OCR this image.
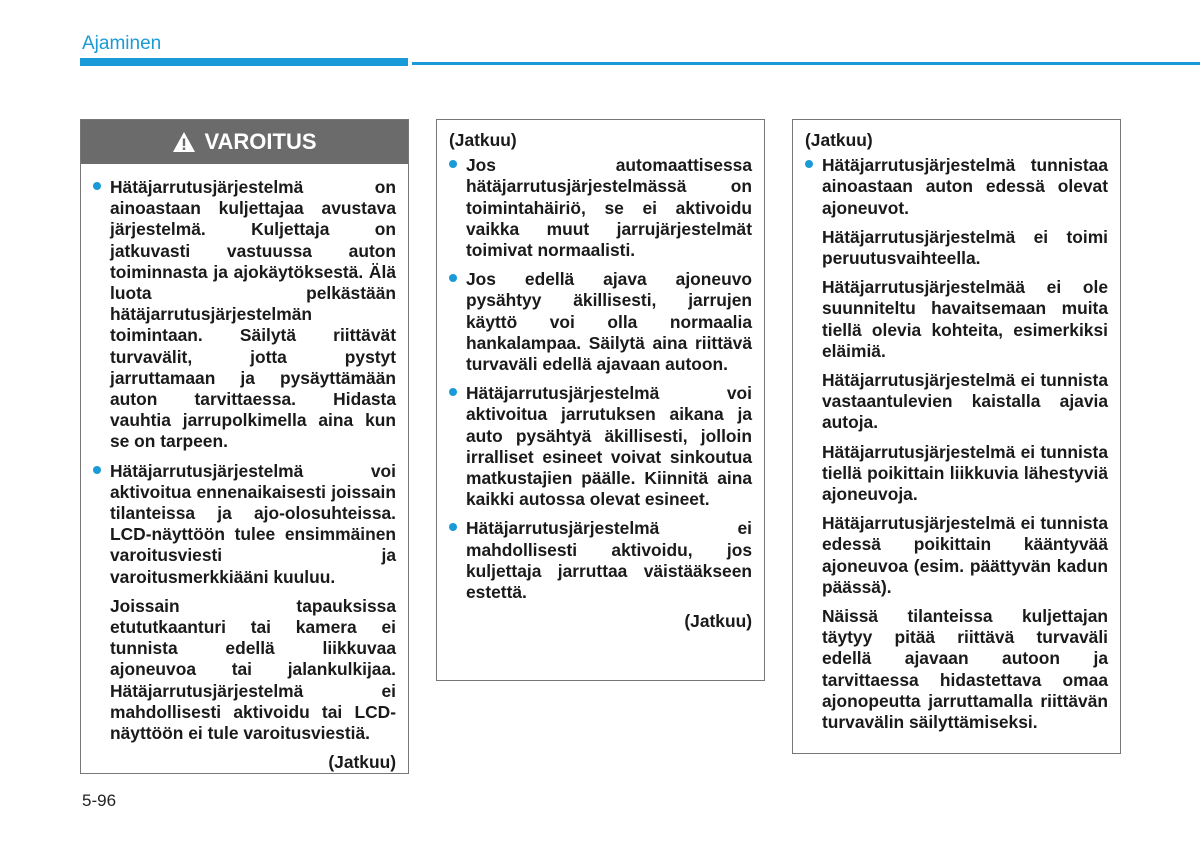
Ajaminen
VAROITUS
Hätäjarrutusjärjestelmä on ainoastaan kuljettajaa avustava järjestelmä. Kuljettaja on jatkuvasti vastuussa auton toiminnasta ja ajokäytöksestä. Älä luota pelkästään hätäjarrutusjärjestelmän toimintaan. Säilytä riittävät turvavälit, jotta pystyt jarruttamaan ja pysäyttämään auton tarvittaessa. Hidasta vauhtia jarrupolkimella aina kun se on tarpeen.
Hätäjarrutusjärjestelmä voi aktivoitua ennenaikaisesti joissain tilanteissa ja ajo-olosuhteissa. LCD-näyttöön tulee ensimmäinen varoitusviesti ja varoitusmerkkiääni kuuluu.
Joissain tapauksissa etututkaanturi tai kamera ei tunnista edellä liikkuvaa ajoneuvoa tai jalankulkijaa. Hätäjarrutusjärjestelmä ei mahdollisesti aktivoidu tai LCD-näyttöön ei tule varoitusviestiä.
(Jatkuu)
(Jatkuu)
Jos automaattisessa hätäjarrutusjärjestelmässä on toimintahäiriö, se ei aktivoidu vaikka muut jarrujärjestelmät toimivat normaalisti.
Jos edellä ajava ajoneuvo pysähtyy äkillisesti, jarrujen käyttö voi olla normaalia hankalampaa. Säilytä aina riittävä turvaväli edellä ajavaan autoon.
Hätäjarrutusjärjestelmä voi aktivoitua jarrutuksen aikana ja auto pysähtyä äkillisesti, jolloin irralliset esineet voivat sinkoutua matkustajien päälle. Kiinnitä aina kaikki autossa olevat esineet.
Hätäjarrutusjärjestelmä ei mahdollisesti aktivoidu, jos kuljettaja jarruttaa väistääkseen estettä.
(Jatkuu)
(Jatkuu)
Hätäjarrutusjärjestelmä tunnistaa ainoastaan auton edessä olevat ajoneuvot.
Hätäjarrutusjärjestelmä ei toimi peruutusvaihteella.
Hätäjarrutusjärjestelmää ei ole suunniteltu havaitsemaan muita tiellä olevia kohteita, esimerkiksi eläimiä.
Hätäjarrutusjärjestelmä ei tunnista vastaantulevien kaistalla ajavia autoja.
Hätäjarrutusjärjestelmä ei tunnista tiellä poikittain liikkuvia lähestyviä ajoneuvoja.
Hätäjarrutusjärjestelmä ei tunnista edessä poikittain kääntyvää ajoneuvoa (esim. päättyvän kadun päässä).
Näissä tilanteissa kuljettajan täytyy pitää riittävä turvaväli edellä ajavaan autoon ja tarvittaessa hidastettava omaa ajonopeutta jarruttamalla riittävän turvavälin säilyttämiseksi.
5-96
